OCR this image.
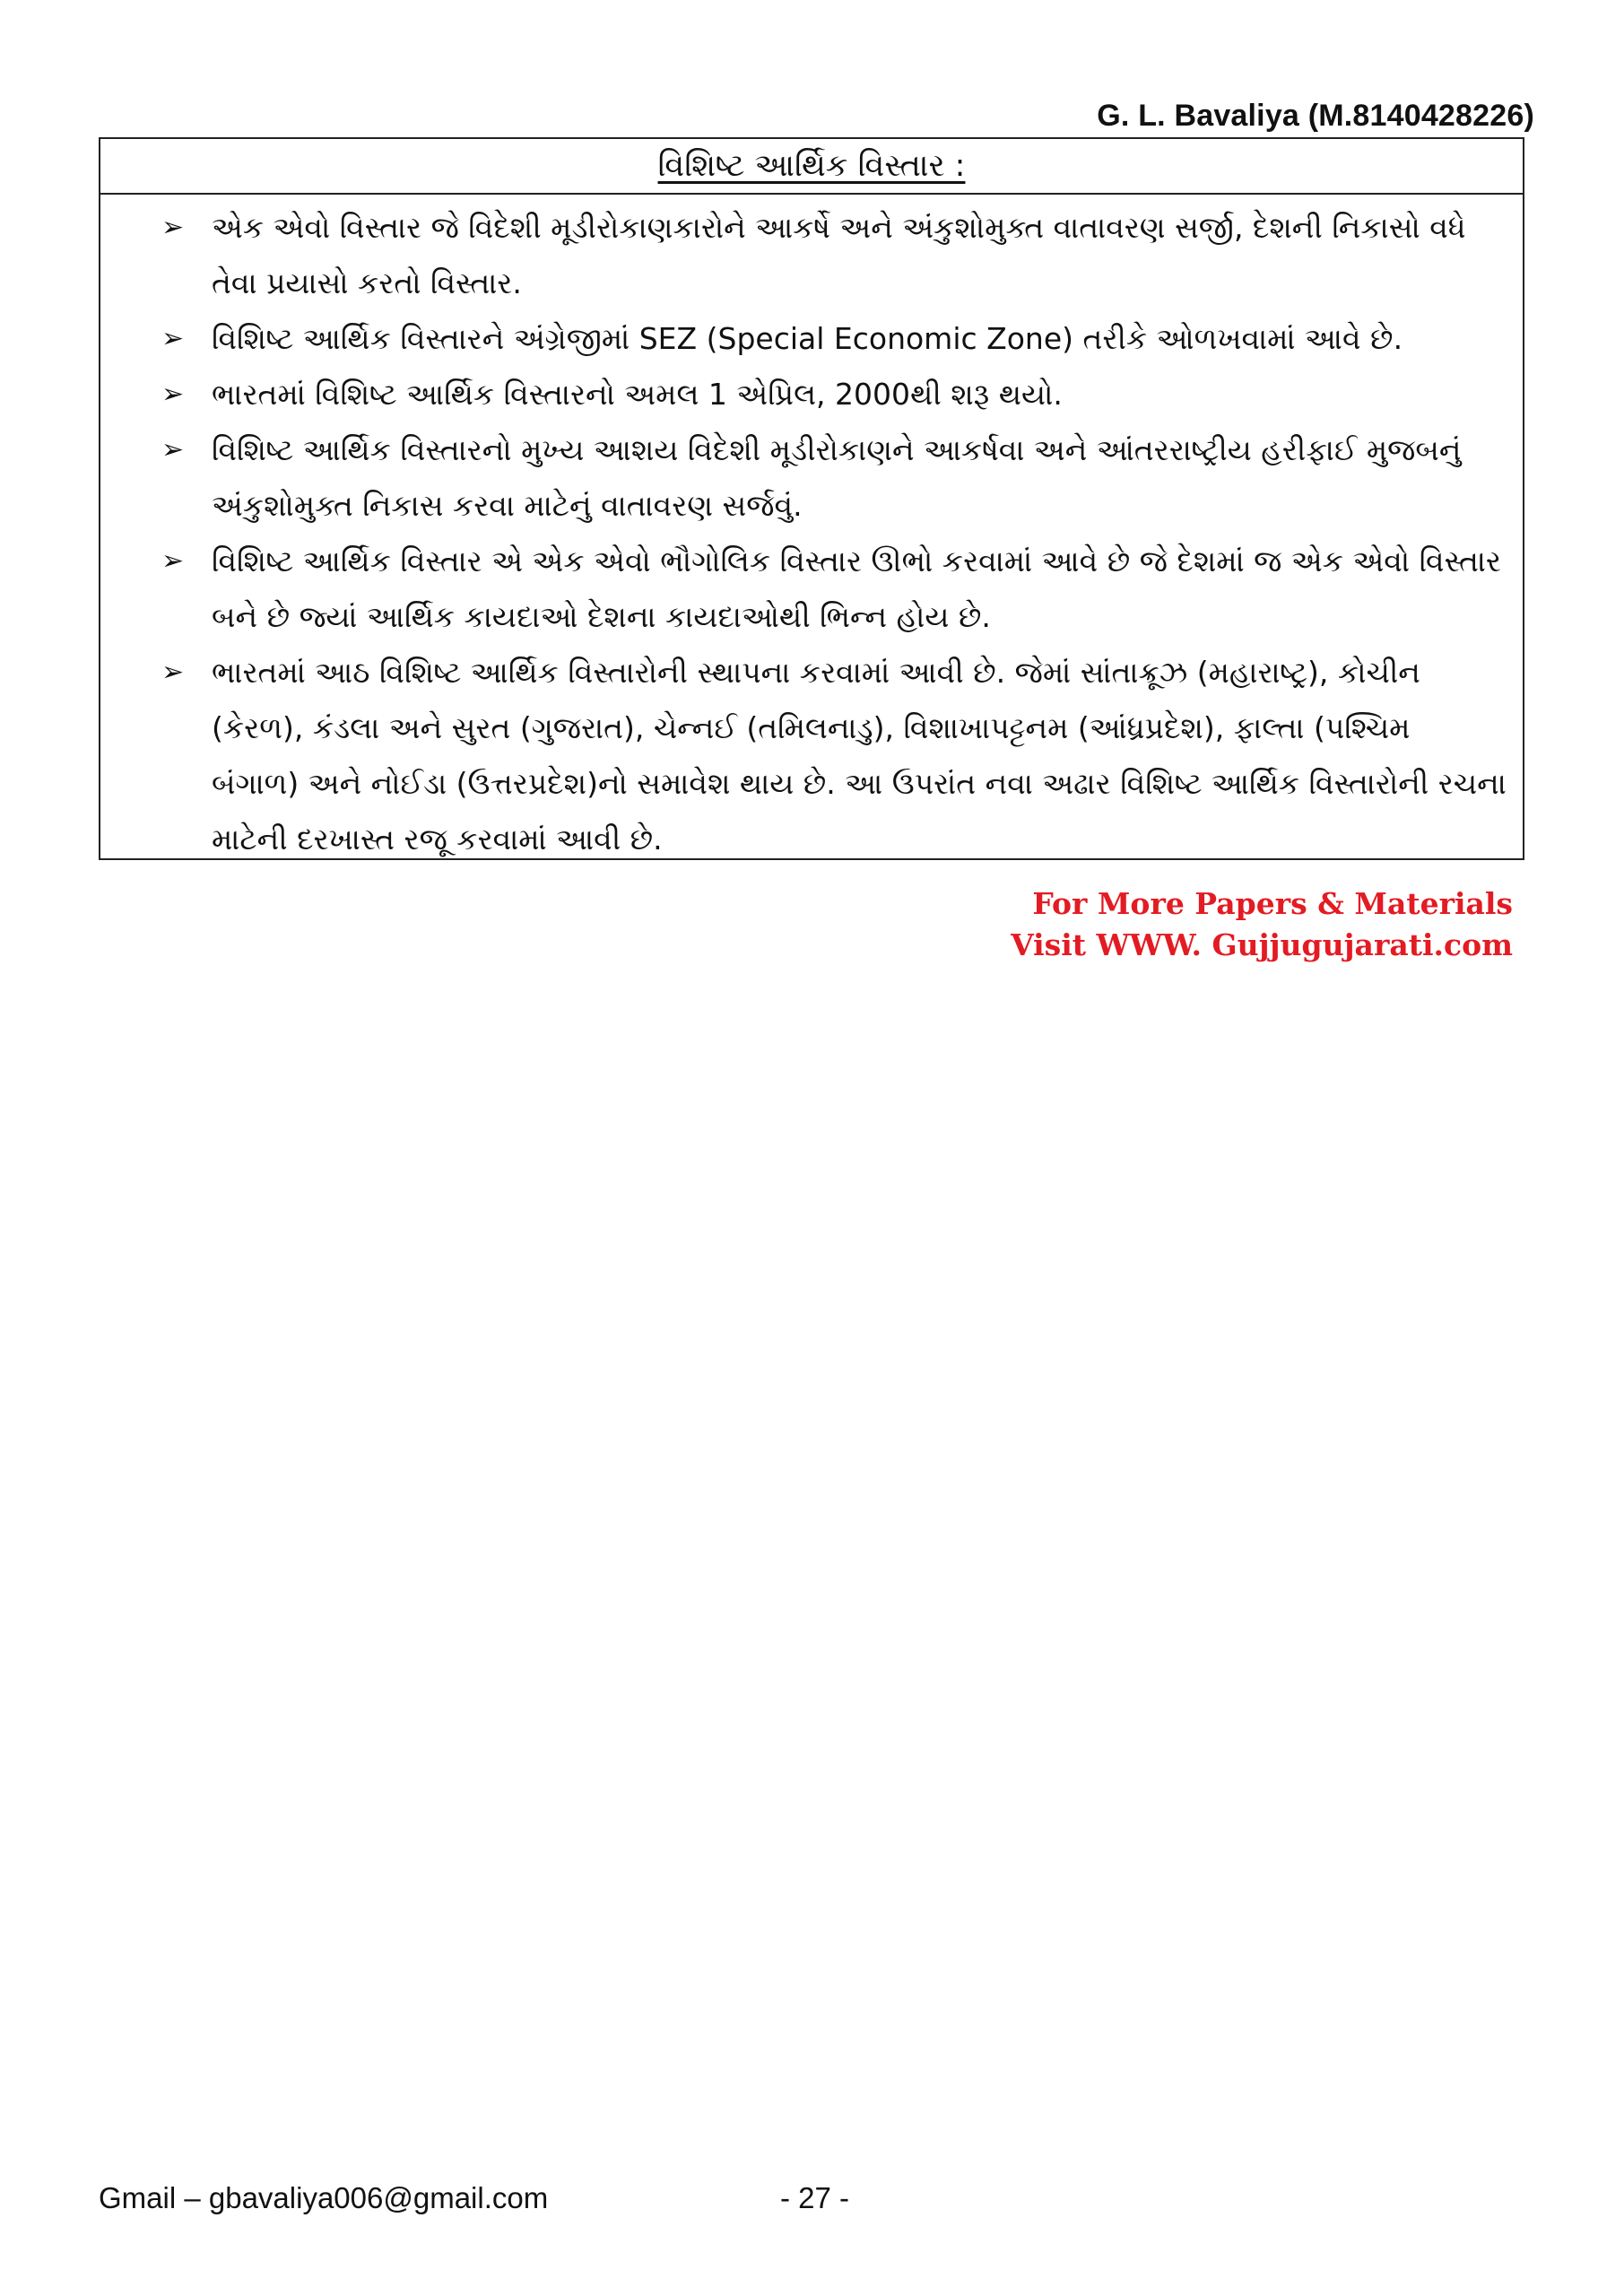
G. L. Bavaliya (M.8140428226)
વિશિષ્ટ આર્થિક વિસ્તાર :
➢ એક એવો વિસ્તાર જે વિદેશી મૂડીરોકાણકારોને આકર્ષે અને અંકુશોમુક્ત વાતાવરણ સર્જી, દેશની નિકાસો વધે તેવા પ્રયાસો કરતો વિસ્તાર.
➢ વિશિષ્ટ આર્થિક વિસ્તારને અંગ્રેજીમાં SEZ (Special Economic Zone) તરીકે ઓળખવામાં આવે છે.
➢ ભારતમાં વિશિષ્ટ આર્થિક વિસ્તારનો અમલ 1 એપ્રિલ, 2000થી શરૂ થયો.
➢ વિશિષ્ટ આર્થિક વિસ્તારનો મુખ્ય આશય વિદેશી મૂડીરોકાણને આકર્ષવા અને આંતરરાષ્ટ્રીય હરીફાઈ મુજબનું અંકુશોમુક્ત નિકાસ કરવા માટેનું વાતાવરણ સર્જવું.
➢ વિશિષ્ટ આર્થિક વિસ્તાર એ એક એવો ભૌગોલિક વિસ્તાર ઊભો કરવામાં આવે છે જે દેશમાં જ એક એવો વિસ્તાર બને છે જ્યાં આર્થિક કાયદાઓ દેશના કાયદાઓથી ભિન્ન હોય છે.
➢ ભારતમાં આઠ વિશિષ્ટ આર્થિક વિસ્તારોની સ્થાપના કરવામાં આવી છે. જેમાં સાંતાક્રૂઝ (મહારાષ્ટ્ર), કોચીન (કેરળ), કંડલા અને સુરત (ગુજરાત), ચેન્નઈ (તમિલનાડુ), વિશાખાપટ્ટનમ (આંધ્રપ્રદેશ), ફાલ્તા (પશ્ચિમ બંગાળ) અને નોઈડા (ઉત્તરપ્રદેશ)નો સમાવેશ થાય છે. આ ઉપરાંત નવા અઢાર વિશિષ્ટ આર્થિક વિસ્તારોની રચના માટેની દરખાસ્ત રજૂ કરવામાં આવી છે.
For More Papers & Materials
Visit WWW. Gujjugujarati.com
Gmail – gbavaliya006@gmail.com	- 27 -
